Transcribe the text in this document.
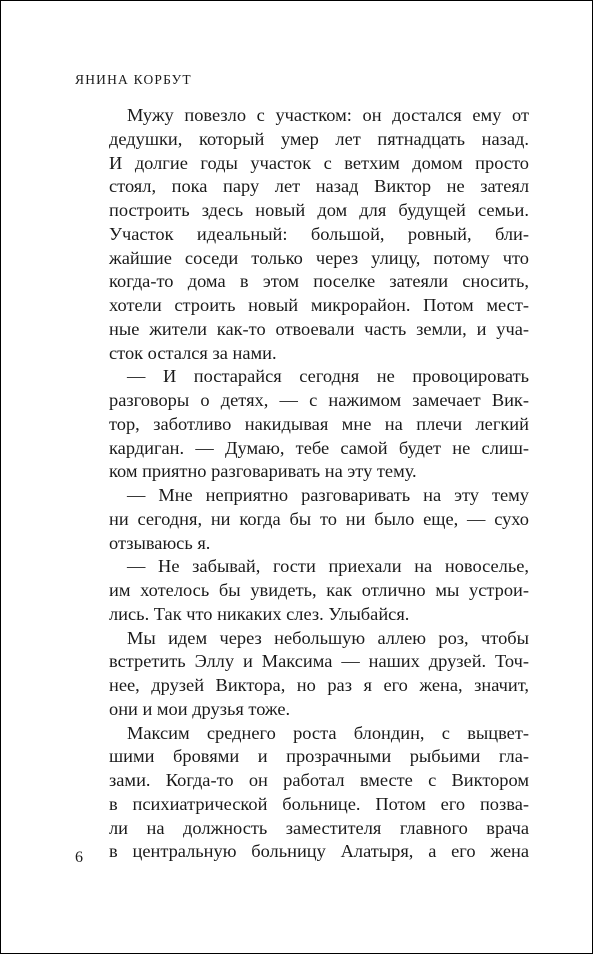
ЯНИНА КОРБУТ
Мужу повезло с участком: он достался ему от
дедушки, который умер лет пятнадцать назад.
И долгие годы участок с ветхим домом просто
стоял, пока пару лет назад Виктор не затеял
построить здесь новый дом для будущей семьи.
Участок идеальный: большой, ровный, бли-
жайшие соседи только через улицу, потому что
когда-то дома в этом поселке затеяли сносить,
хотели строить новый микрорайон. Потом мест-
ные жители как-то отвоевали часть земли, и уча-
сток остался за нами.
— И постарайся сегодня не провоцировать
разговоры о детях, — с нажимом замечает Вик-
тор, заботливо накидывая мне на плечи легкий
кардиган. — Думаю, тебе самой будет не слиш-
ком приятно разговаривать на эту тему.
— Мне неприятно разговаривать на эту тему
ни сегодня, ни когда бы то ни было еще, — сухо
отзываюсь я.
— Не забывай, гости приехали на новоселье,
им хотелось бы увидеть, как отлично мы устрои-
лись. Так что никаких слез. Улыбайся.
Мы идем через небольшую аллею роз, чтобы
встретить Эллу и Максима — наших друзей. Точ-
нее, друзей Виктора, но раз я его жена, значит,
они и мои друзья тоже.
Максим среднего роста блондин, с выцвет-
шими бровями и прозрачными рыбьими гла-
зами. Когда-то он работал вместе с Виктором
в психиатрической больнице. Потом его позва-
ли на должность заместителя главного врача
в центральную больницу Алатыря, а его жена
6
